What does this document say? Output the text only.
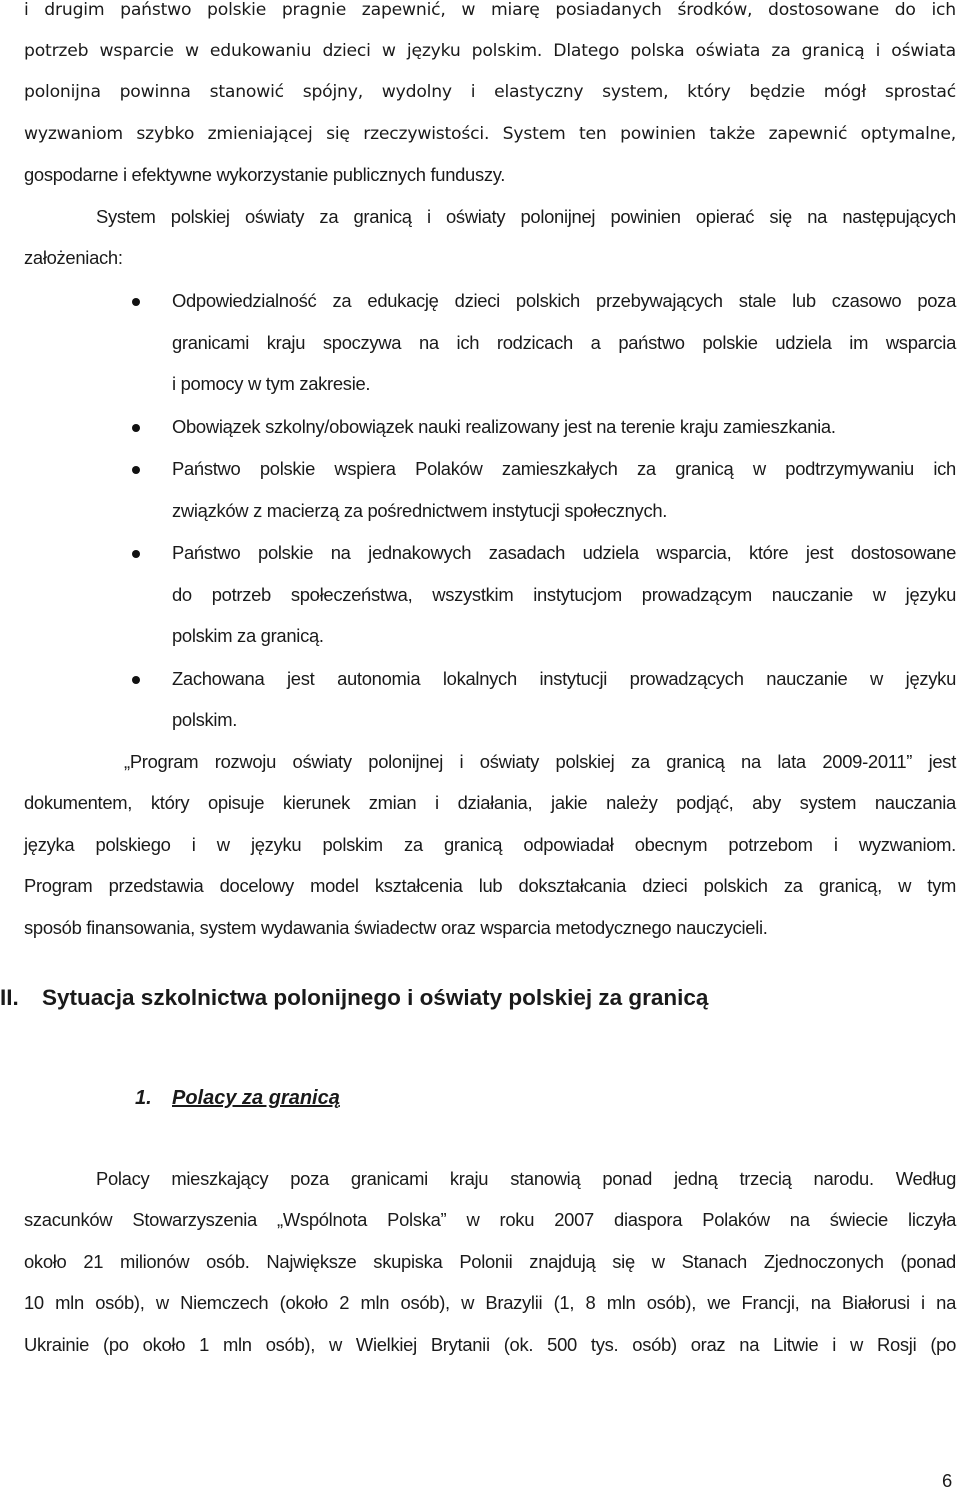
i drugim państwo polskie pragnie zapewnić, w miarę posiadanych środków, dostosowane do ich
potrzeb wsparcie w edukowaniu dzieci w języku polskim. Dlatego polska oświata za granicą i oświata
polonijna powinna stanowić spójny, wydolny i elastyczny system, który będzie mógł sprostać
wyzwaniom szybko zmieniającej się rzeczywistości. System ten powinien także zapewnić optymalne,
gospodarne i efektywne wykorzystanie publicznych funduszy.
System polskiej oświaty za granicą i oświaty polonijnej powinien opierać się na następujących
założeniach:
Odpowiedzialność za edukację dzieci polskich przebywających stale lub czasowo poza
granicami kraju spoczywa na ich rodzicach a państwo polskie udziela im wsparcia
i pomocy w tym zakresie.
Obowiązek szkolny/obowiązek nauki realizowany jest na terenie kraju zamieszkania.
Państwo polskie wspiera Polaków zamieszkałych za granicą w podtrzymywaniu ich
związków z macierzą za pośrednictwem instytucji społecznych.
Państwo polskie na jednakowych zasadach udziela wsparcia, które jest dostosowane
do potrzeb społeczeństwa, wszystkim instytucjom prowadzącym nauczanie w języku
polskim za granicą.
Zachowana jest autonomia lokalnych instytucji prowadzących nauczanie w języku
polskim.
„Program rozwoju oświaty polonijnej i oświaty polskiej za granicą na lata 2009-2011” jest
dokumentem, który opisuje kierunek zmian i działania, jakie należy podjąć, aby system nauczania
języka polskiego i w języku polskim za granicą odpowiadał obecnym potrzebom i wyzwaniom.
Program przedstawia docelowy model kształcenia lub dokształcania dzieci polskich za granicą, w tym
sposób finansowania, system wydawania świadectw oraz wsparcia metodycznego nauczycieli.
II. Sytuacja szkolnictwa polonijnego i oświaty polskiej za granicą
1. Polacy za granicą
Polacy mieszkający poza granicami kraju stanowią ponad jedną trzecią narodu. Według
szacunków Stowarzyszenia „Wspólnota Polska” w roku 2007 diaspora Polaków na świecie liczyła
około 21 milionów osób. Największe skupiska Polonii znajdują się w Stanach Zjednoczonych (ponad
10 mln osób), w Niemczech (około 2 mln osób), w Brazylii (1, 8 mln osób), we Francji, na Białorusi i na
Ukrainie (po około 1 mln osób), w Wielkiej Brytanii (ok. 500 tys. osób) oraz na Litwie i w Rosji (po
6
